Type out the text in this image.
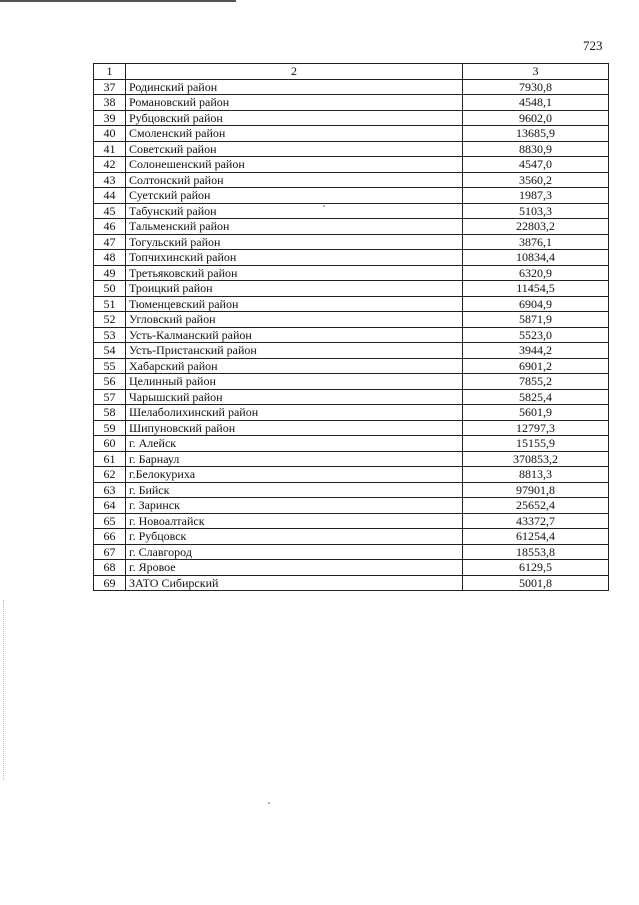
723
1	2	3
37	Родинский район	7930,8
38	Романовский район	4548,1
39	Рубцовский район	9602,0
40	Смоленский район	13685,9
41	Советский район	8830,9
42	Солонешенский район	4547,0
43	Солтонский район	3560,2
44	Суетский район	1987,3
45	Табунский район	5103,3
46	Тальменский район	22803,2
47	Тогульский район	3876,1
48	Топчихинский район	10834,4
49	Третьяковский район	6320,9
50	Троицкий район	11454,5
51	Тюменцевский район	6904,9
52	Угловский район	5871,9
53	Усть-Калманский район	5523,0
54	Усть-Пристанский район	3944,2
55	Хабарский район	6901,2
56	Целинный район	7855,2
57	Чарышский район	5825,4
58	Шелаболихинский район	5601,9
59	Шипуновский район	12797,3
60	г. Алейск	15155,9
61	г. Барнаул	370853,2
62	г.Белокуриха	8813,3
63	г. Бийск	97901,8
64	г. Заринск	25652,4
65	г. Новоалтайск	43372,7
66	г. Рубцовск	61254,4
67	г. Славгород	18553,8
68	г. Яровое	6129,5
69	ЗАТО Сибирский	5001,8
